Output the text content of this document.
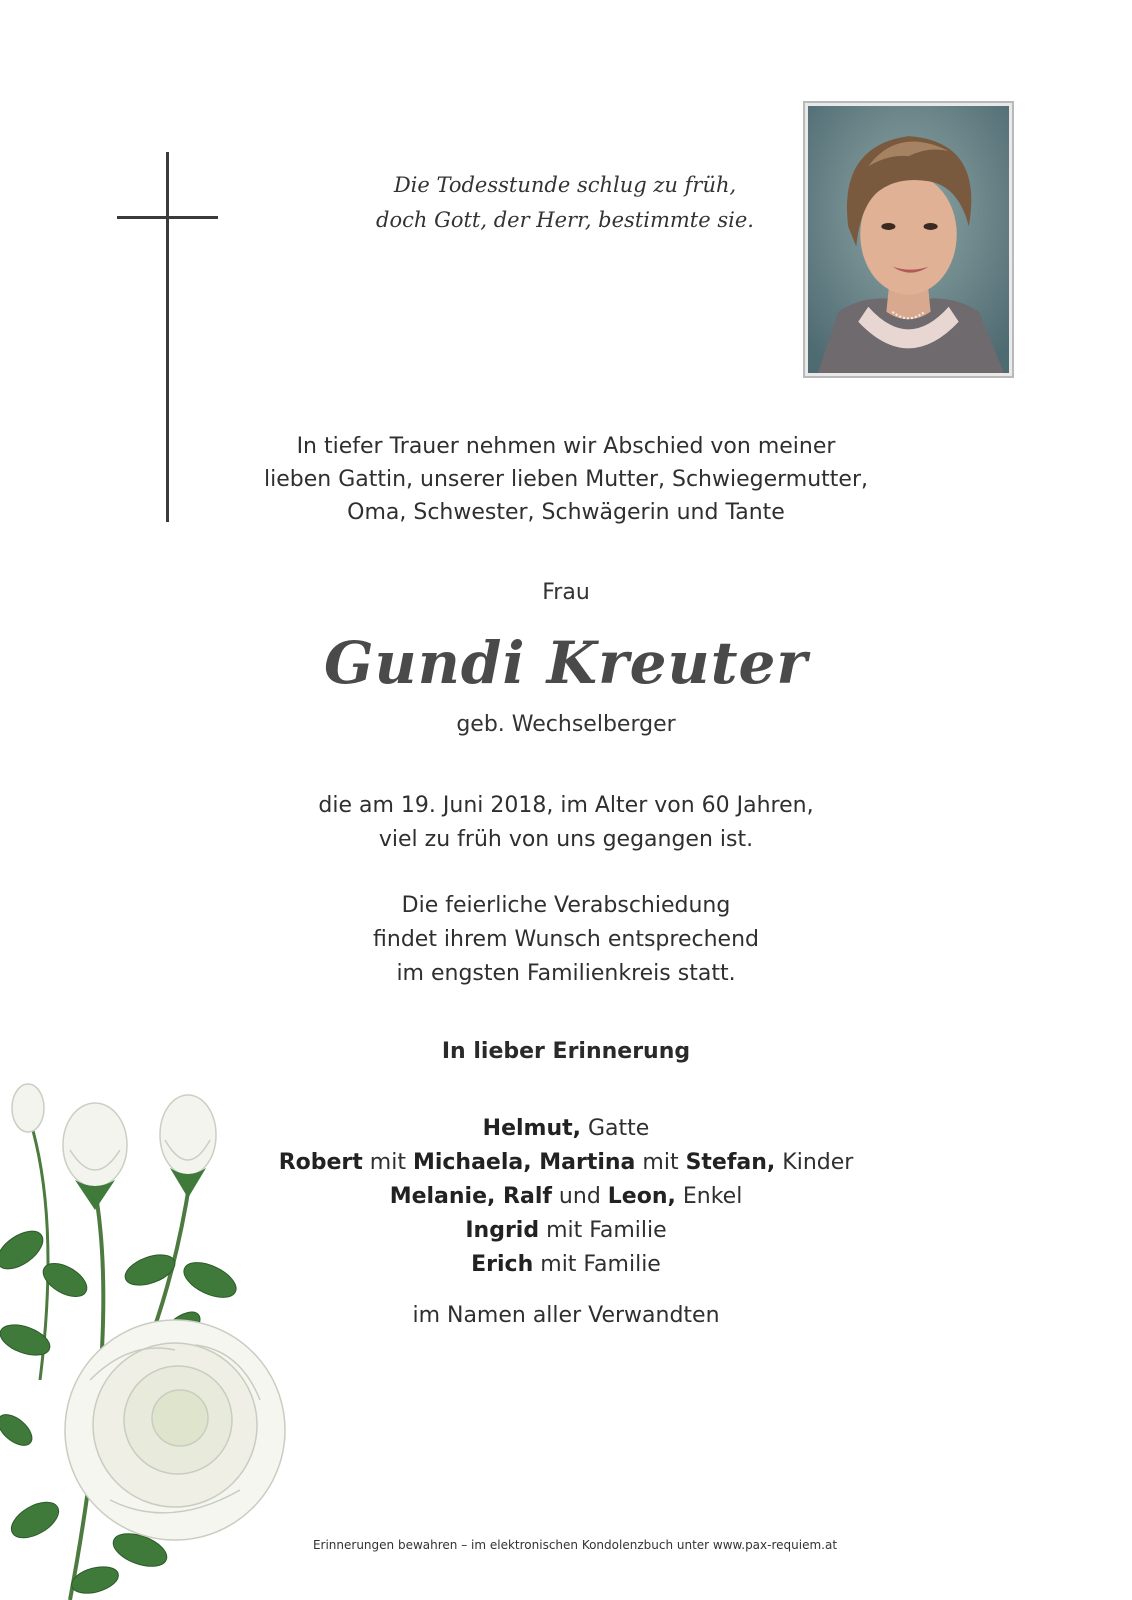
Die Todesstunde schlug zu früh,
doch Gott, der Herr, bestimmte sie.
In tiefer Trauer nehmen wir Abschied von meiner
lieben Gattin, unserer lieben Mutter, Schwiegermutter,
Oma, Schwester, Schwägerin und Tante
Frau
Gundi Kreuter
geb. Wechselberger
die am 19. Juni 2018, im Alter von 60 Jahren,
viel zu früh von uns gegangen ist.
Die feierliche Verabschiedung
findet ihrem Wunsch entsprechend
im engsten Familienkreis statt.
In lieber Erinnerung
Helmut, Gatte
Robert mit Michaela, Martina mit Stefan, Kinder
Melanie, Ralf und Leon, Enkel
Ingrid mit Familie
Erich mit Familie
im Namen aller Verwandten
Erinnerungen bewahren – im elektronischen Kondolenzbuch unter www.pax-requiem.at
